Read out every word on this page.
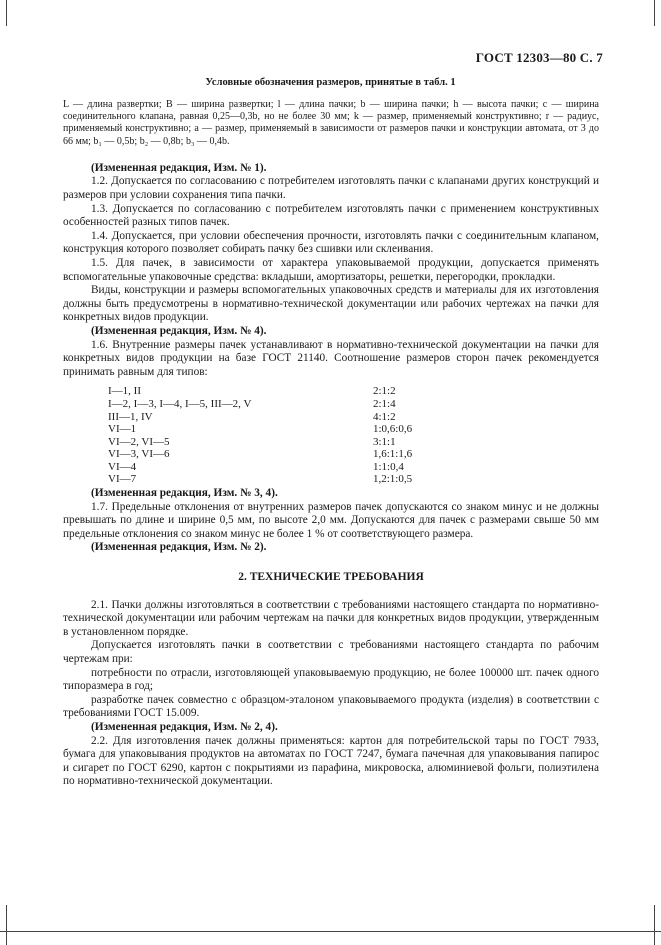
ГОСТ 12303—80 С. 7
Условные обозначения размеров, принятые в табл. 1
L — длина развертки; B — ширина развертки; l — длина пачки; b — ширина пачки; h — высота пачки; c — ширина соединительного клапана, равная 0,25—0,3b, но не более 30 мм; k — размер, применяемый конструктивно; r — радиус, применяемый конструктивно; a — размер, применяемый в зависимости от размеров пачки и конструкции автомата, от 3 до 66 мм; b₁ — 0,5b; b₂ — 0,8b; b₃ — 0,4b.

(Измененная редакция, Изм. № 1).

1.2. Допускается по согласованию с потребителем изготовлять пачки с клапанами других конструкций и размеров при условии сохранения типа пачки.

1.3. Допускается по согласованию с потребителем изготовлять пачки с применением конструктивных особенностей разных типов пачек.

1.4. Допускается, при условии обеспечения прочности, изготовлять пачки с соединительным клапаном, конструкция которого позволяет собирать пачку без сшивки или склеивания.

1.5. Для пачек, в зависимости от характера упаковываемой продукции, допускается применять вспомогательные упаковочные средства: вкладыши, амортизаторы, решетки, перегородки, прокладки.

Виды, конструкции и размеры вспомогательных упаковочных средств и материалы для их изготовления должны быть предусмотрены в нормативно-технической документации или рабочих чертежах на пачки для конкретных видов продукции.

(Измененная редакция, Изм. № 4).

1.6. Внутренние размеры пачек устанавливают в нормативно-технической документации на пачки для конкретных видов продукции на базе ГОСТ 21140. Соотношение размеров сторон пачек рекомендуется принимать равным для типов:

I—1, II	2:1:2
I—2, I—3, I—4, I—5, III—2, V	2:1:4
III—1, IV	4:1:2
VI—1	1:0,6:0,6
VI—2, VI—5	3:1:1
VI—3, VI—6	1,6:1:1,6
VI—4	1:1:0,4
VI—7	1,2:1:0,5

(Измененная редакция, Изм. № 3, 4).

1.7. Предельные отклонения от внутренних размеров пачек допускаются со знаком минус и не должны превышать по длине и ширине 0,5 мм, по высоте 2,0 мм. Допускаются для пачек с размерами свыше 50 мм предельные отклонения со знаком минус не более 1 % от соответствующего размера.

(Измененная редакция, Изм. № 2).

2. ТЕХНИЧЕСКИЕ ТРЕБОВАНИЯ

2.1. Пачки должны изготовляться в соответствии с требованиями настоящего стандарта по нормативно-технической документации или рабочим чертежам на пачки для конкретных видов продукции, утвержденным в установленном порядке.

Допускается изготовлять пачки в соответствии с требованиями настоящего стандарта по рабочим чертежам при:

потребности по отрасли, изготовляющей упаковываемую продукцию, не более 100000 шт. пачек одного типоразмера в год;

разработке пачек совместно с образцом-эталоном упаковываемого продукта (изделия) в соответствии с требованиями ГОСТ 15.009.

(Измененная редакция, Изм. № 2, 4).

2.2. Для изготовления пачек должны применяться: картон для потребительской тары по ГОСТ 7933, бумага для упаковывания продуктов на автоматах по ГОСТ 7247, бумага пачечная для упаковывания папирос и сигарет по ГОСТ 6290, картон с покрытиями из парафина, микровоска, алюминиевой фольги, полиэтилена по нормативно-технической документации.
